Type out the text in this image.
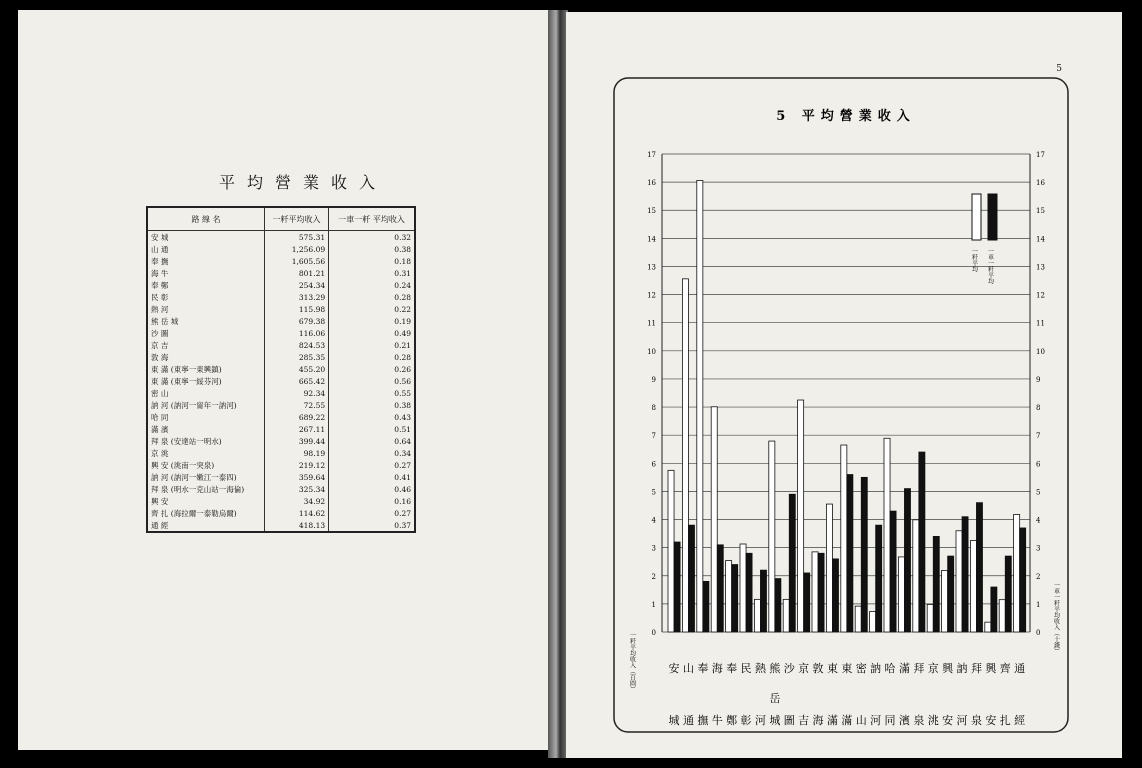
平均營業收入
路 線 名	一粁平均收入	一車一粁 平均收入
安 城	575.31	0.32
山 通	1,256.09	0.38
奉 撫	1,605.56	0.18
海 牛	801.21	0.31
奉 鄭	254.34	0.24
民 彰	313.29	0.28
熱 河	115.98	0.22
熊 岳 城	679.38	0.19
沙 圖	116.06	0.49
京 吉	824.53	0.21
敦 海	285.35	0.28
東 滿 (東寧一東興鎮)	455.20	0.26
東 滿 (東寧一綏芬河)	665.42	0.56
密 山	92.34	0.55
訥 河 (訥河一甯年一訥河)	72.55	0.38
哈 同	689.22	0.43
滿 濱	267.11	0.51
拜 泉 (安達站一明水)	399.44	0.64
京 洮	98.19	0.34
興 安 (洮南一突泉)	219.12	0.27
訥 河 (訥河一嫩江一泰四)	359.64	0.41
拜 泉 (明水一克山站一海倫)	325.34	0.46
興 安	34.92	0.16
齊 扎 (海拉爾一泰勒烏爾)	114.62	0.27
通 經	418.13	0.37
5
5 平均營業收入
0	0
1	1
2	2
3	3
4	4
5	5
6	6
7	7
8	8
9	9
10	10
11	11
12	12
13	13
14	14
15	15
16	16
17	17
一粁平均收入（百圓）
一車一粁平均收入（十錢）
安 山 奉 海 奉 民 熱 熊 沙 京 敦 東 東 密 訥 哈 滿 拜 京 興 訥 拜 興 齊 通
岳
城 通 撫 牛 鄭 彰 河 城 圖 吉 海 滿 滿 山 河 同 濱 泉 洮 安 河 泉 安 扎 經
一粁平均 一車一粁平均
